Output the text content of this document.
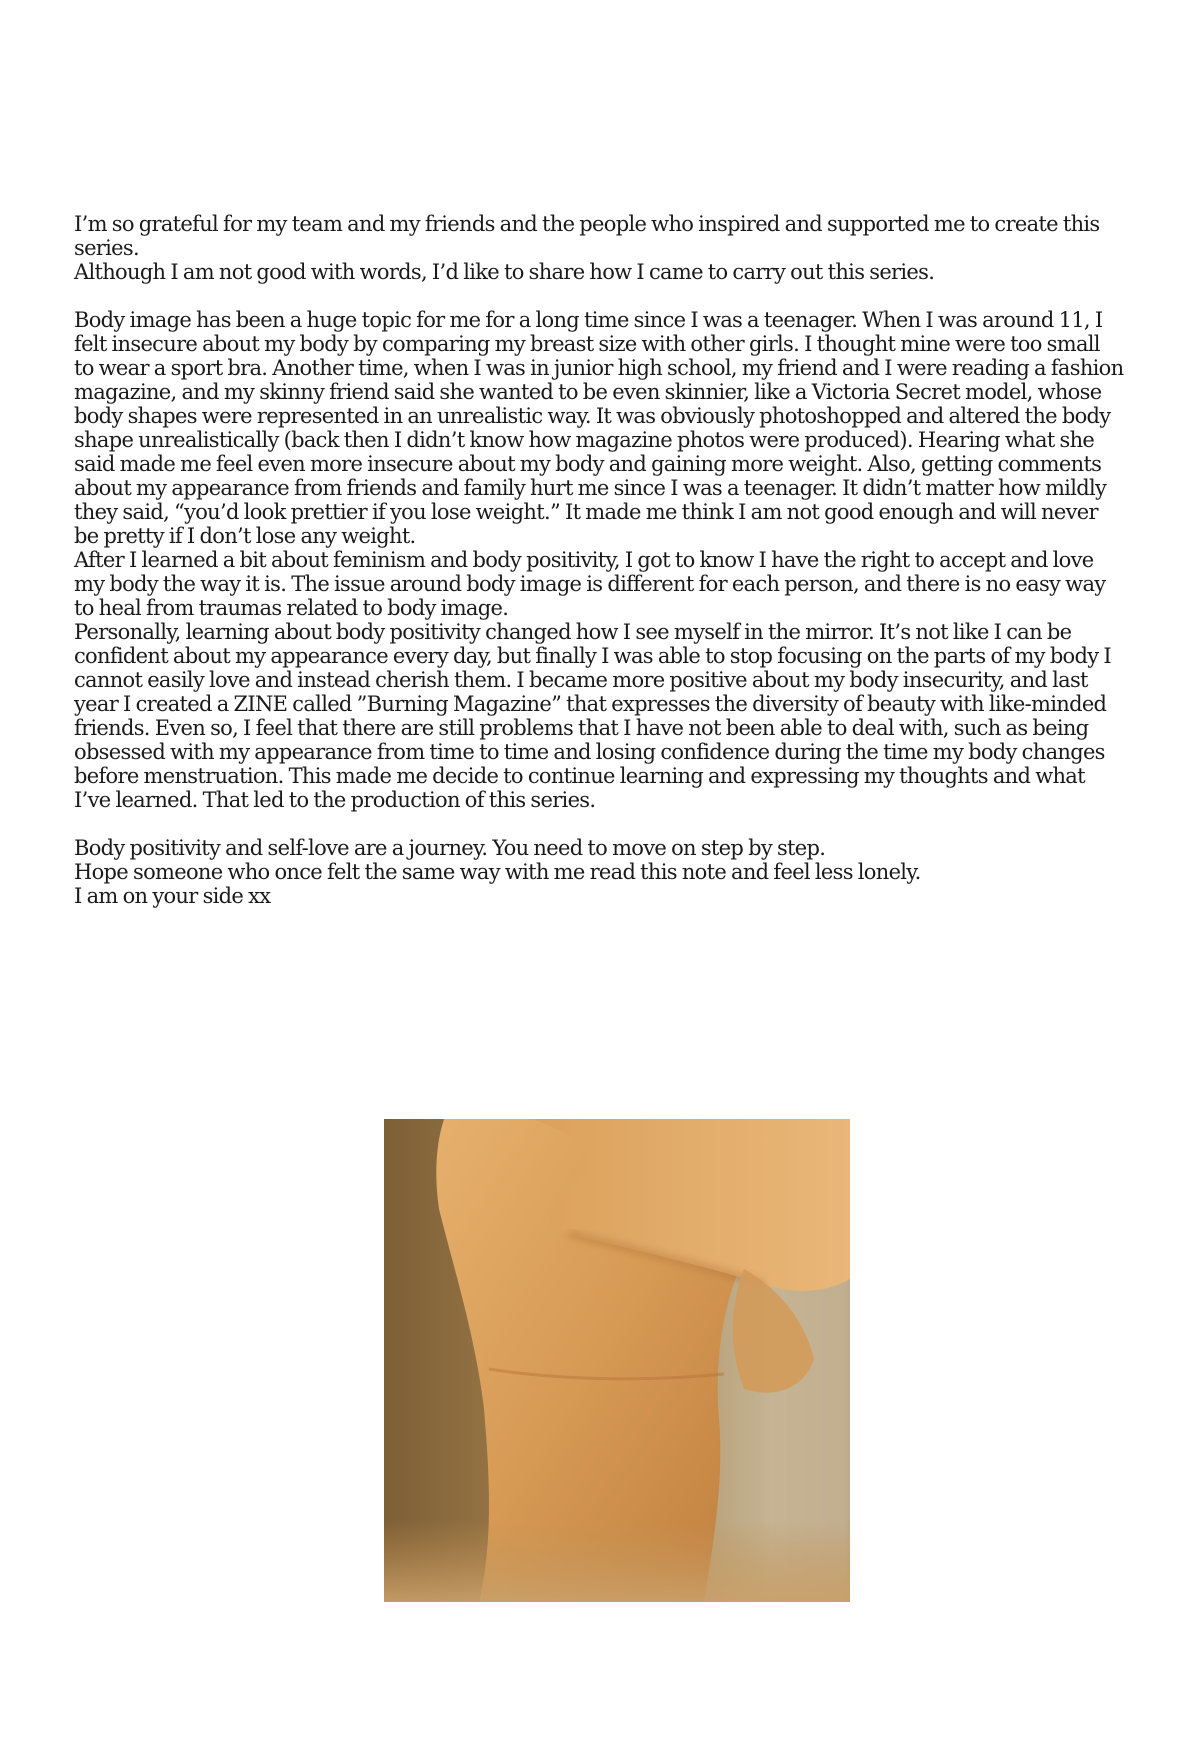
I’m so grateful for my team and my friends and the people who inspired and supported me to create this series.

Although I am not good with words, I’d like to share how I came to carry out this series.

Body image has been a huge topic for me for a long time since I was a teenager. When I was around 11, I felt insecure about my body by comparing my breast size with other girls. I thought mine were too small to wear a sport bra. Another time, when I was in junior high school, my friend and I were reading a fashion magazine, and my skinny friend said she wanted to be even skinnier, like a Victoria Secret model, whose body shapes were represented in an unrealistic way. It was obviously photoshopped and altered the body shape unrealistically (back then I didn’t know how magazine photos were produced). Hearing what she said made me feel even more insecure about my body and gaining more weight. Also, getting comments about my appearance from friends and family hurt me since I was a teenager. It didn’t matter how mildly they said, “you’d look prettier if you lose weight.” It made me think I am not good enough and will never be pretty if I don’t lose any weight.

After I learned a bit about feminism and body positivity, I got to know I have the right to accept and love my body the way it is. The issue around body image is different for each person, and there is no easy way to heal from traumas related to body image.

Personally, learning about body positivity changed how I see myself in the mirror. It’s not like I can be confident about my appearance every day, but finally I was able to stop focusing on the parts of my body I cannot easily love and instead cherish them. I became more positive about my body insecurity, and last year I created a ZINE called ”Burning Magazine” that expresses the diversity of beauty with like-minded friends. Even so, I feel that there are still problems that I have not been able to deal with, such as being obsessed with my appearance from time to time and losing confidence during the time my body changes before menstruation. This made me decide to continue learning and expressing my thoughts and what I’ve learned. That led to the production of this series.

Body positivity and self-love are a journey. You need to move on step by step.

Hope someone who once felt the same way with me read this note and feel less lonely.

I am on your side xx
